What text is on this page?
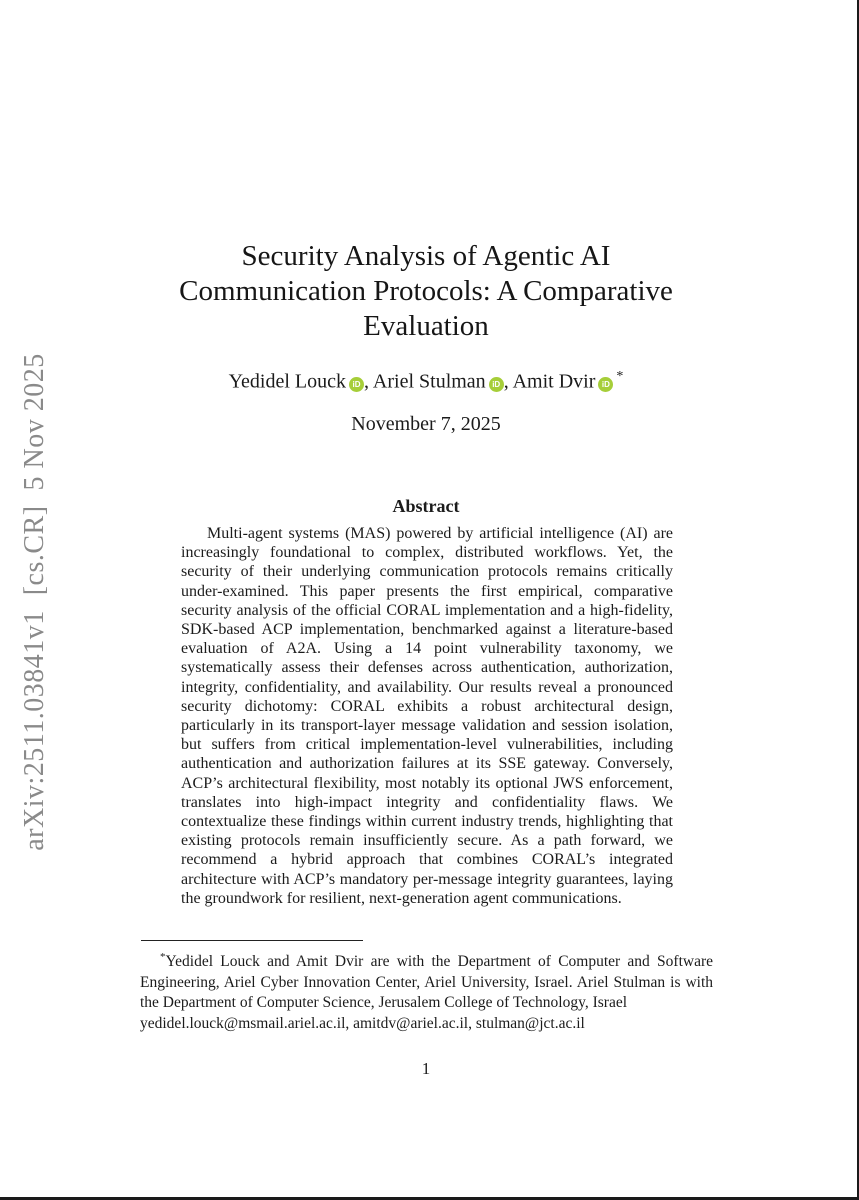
arXiv:2511.03841v1  [cs.CR]  5 Nov 2025
Security Analysis of Agentic AI
Communication Protocols: A Comparative
Evaluation
Yedidel Louck iD , Ariel Stulman iD , Amit Dvir iD
*
November 7, 2025
Abstract
Multi-agent systems (MAS) powered by artificial intelligence (AI) are increasingly foundational to complex, distributed workflows. Yet, the security of their underlying communication protocols remains critically under-examined. This paper presents the first empirical, comparative security analysis of the official CORAL implementation and a high-fidelity, SDK-based ACP implementation, benchmarked against a literature-based evaluation of A2A. Using a 14 point vulnerability taxonomy, we systematically assess their defenses across authentication, authorization, integrity, confidentiality, and availability. Our results reveal a pronounced security dichotomy: CORAL exhibits a robust architectural design, particularly in its transport-layer message validation and session isolation, but suffers from critical implementation-level vulnerabilities, including authentication and authorization failures at its SSE gateway. Conversely, ACP’s architectural flexibility, most notably its optional JWS enforcement, translates into high-impact integrity and confidentiality flaws. We contextualize these findings within current industry trends, highlighting that existing protocols remain insufficiently secure. As a path forward, we recommend a hybrid approach that combines CORAL’s integrated architecture with ACP’s mandatory per-message integrity guarantees, laying the groundwork for resilient, next-generation agent communications.

*Yedidel Louck and Amit Dvir are with the Department of Computer and Software Engineering, Ariel Cyber Innovation Center, Ariel University, Israel. Ariel Stulman is with the Department of Computer Science, Jerusalem College of Technology, Israel

yedidel.louck@msmail.ariel.ac.il, amitdv@ariel.ac.il, stulman@jct.ac.il

1
